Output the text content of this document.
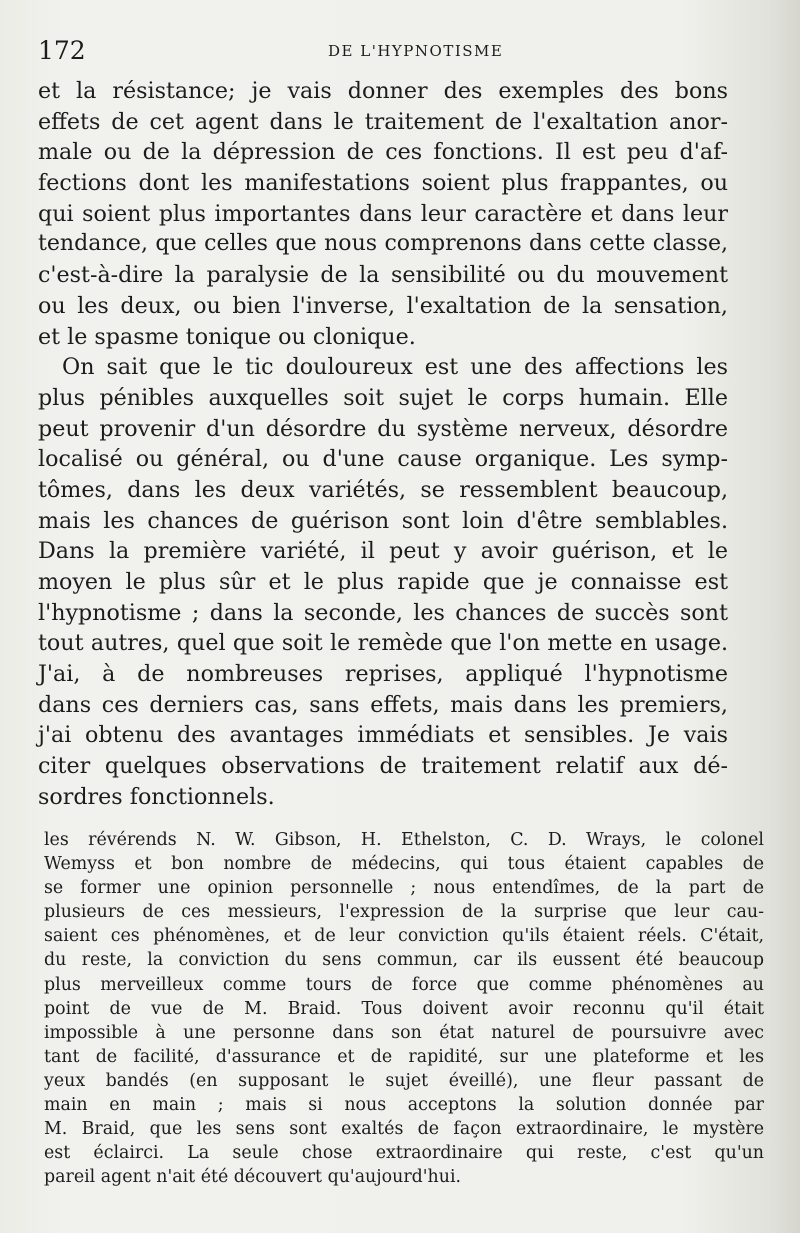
172	DE L'HYPNOTISME
et la résistance; je vais donner des exemples des bons
effets de cet agent dans le traitement de l'exaltation anor-
male ou de la dépression de ces fonctions. Il est peu d'af-
fections dont les manifestations soient plus frappantes, ou
qui soient plus importantes dans leur caractère et dans leur
tendance, que celles que nous comprenons dans cette classe,
c'est-à-dire la paralysie de la sensibilité ou du mouvement
ou les deux, ou bien l'inverse, l'exaltation de la sensation,
et le spasme tonique ou clonique.
On sait que le tic douloureux est une des affections les
plus pénibles auxquelles soit sujet le corps humain. Elle
peut provenir d'un désordre du système nerveux, désordre
localisé ou général, ou d'une cause organique. Les symp-
tômes, dans les deux variétés, se ressemblent beaucoup,
mais les chances de guérison sont loin d'être semblables.
Dans la première variété, il peut y avoir guérison, et le
moyen le plus sûr et le plus rapide que je connaisse est
l'hypnotisme ; dans la seconde, les chances de succès sont
tout autres, quel que soit le remède que l'on mette en usage.
J'ai, à de nombreuses reprises, appliqué l'hypnotisme
dans ces derniers cas, sans effets, mais dans les premiers,
j'ai obtenu des avantages immédiats et sensibles. Je vais
citer quelques observations de traitement relatif aux dé-
sordres fonctionnels.
les révérends N. W. Gibson, H. Ethelston, C. D. Wrays, le colonel
Wemyss et bon nombre de médecins, qui tous étaient capables de
se former une opinion personnelle ; nous entendîmes, de la part de
plusieurs de ces messieurs, l'expression de la surprise que leur cau-
saient ces phénomènes, et de leur conviction qu'ils étaient réels. C'était,
du reste, la conviction du sens commun, car ils eussent été beaucoup
plus merveilleux comme tours de force que comme phénomènes au
point de vue de M. Braid. Tous doivent avoir reconnu qu'il était
impossible à une personne dans son état naturel de poursuivre avec
tant de facilité, d'assurance et de rapidité, sur une plateforme et les
yeux bandés (en supposant le sujet éveillé), une fleur passant de
main en main ; mais si nous acceptons la solution donnée par
M. Braid, que les sens sont exaltés de façon extraordinaire, le mystère
est éclairci. La seule chose extraordinaire qui reste, c'est qu'un
pareil agent n'ait été découvert qu'aujourd'hui.
